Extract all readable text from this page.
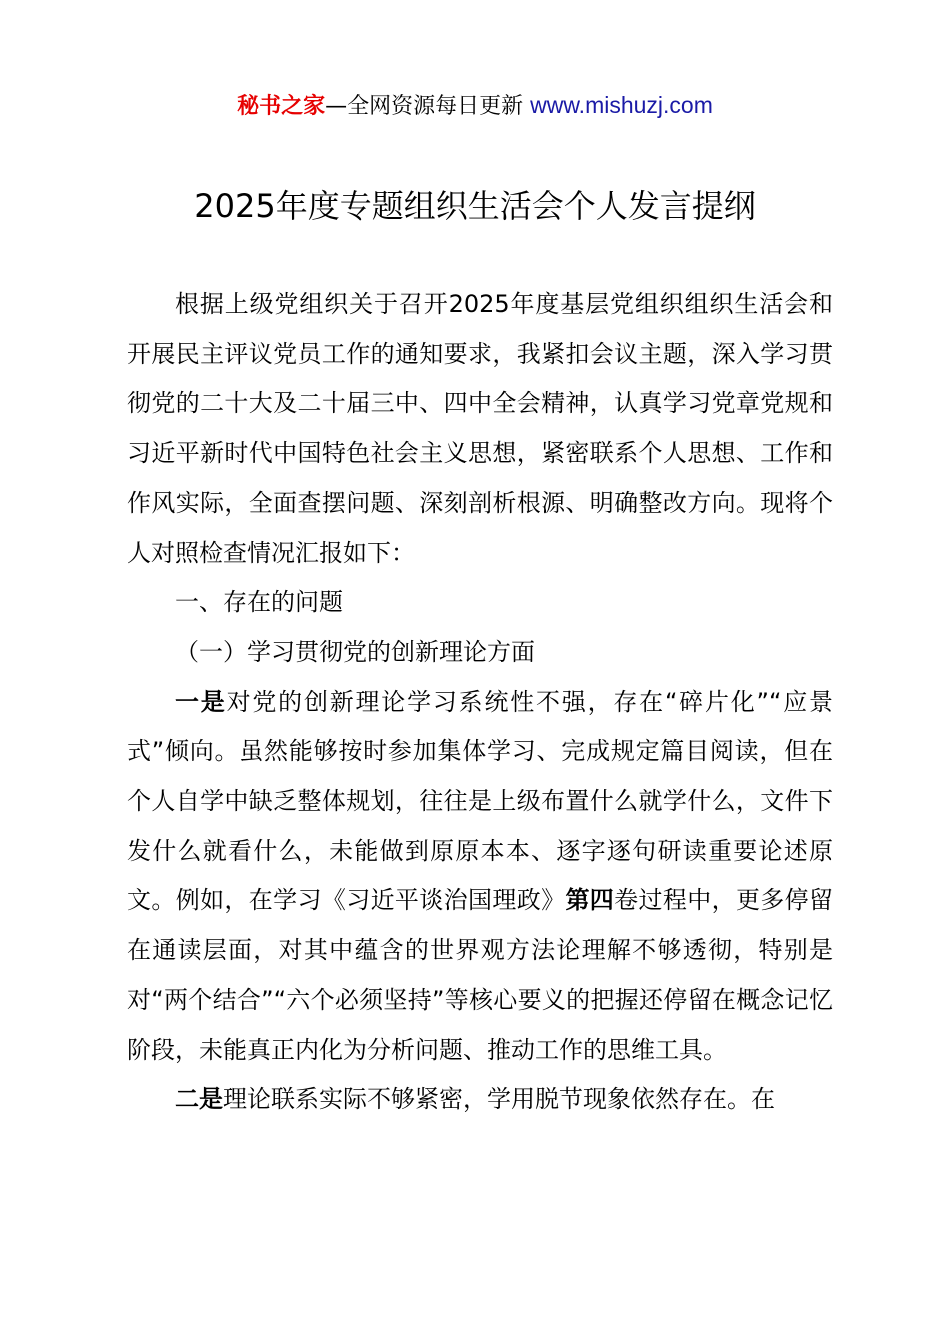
秘书之家—全网资源每日更新 www.mishuzj.com
2025年度专题组织生活会个人发言提纲

根据上级党组织关于召开2025年度基层党组织组织生活会和开展民主评议党员工作的通知要求，我紧扣会议主题，深入学习贯彻党的二十大及二十届三中、四中全会精神，认真学习党章党规和习近平新时代中国特色社会主义思想，紧密联系个人思想、工作和作风实际，全面查摆问题、深刻剖析根源、明确整改方向。现将个人对照检查情况汇报如下：

一、存在的问题

（一）学习贯彻党的创新理论方面

一是对党的创新理论学习系统性不强，存在“碎片化”“应景式”倾向。虽然能够按时参加集体学习、完成规定篇目阅读，但在个人自学中缺乏整体规划，往往是上级布置什么就学什么，文件下发什么就看什么，未能做到原原本本、逐字逐句研读重要论述原文。例如，在学习《习近平谈治国理政》第四卷过程中，更多停留在通读层面，对其中蕴含的世界观方法论理解不够透彻，特别是对“两个结合”“六个必须坚持”等核心要义的把握还停留在概念记忆阶段，未能真正内化为分析问题、推动工作的思维工具。

二是理论联系实际不够紧密，学用脱节现象依然存在。在
